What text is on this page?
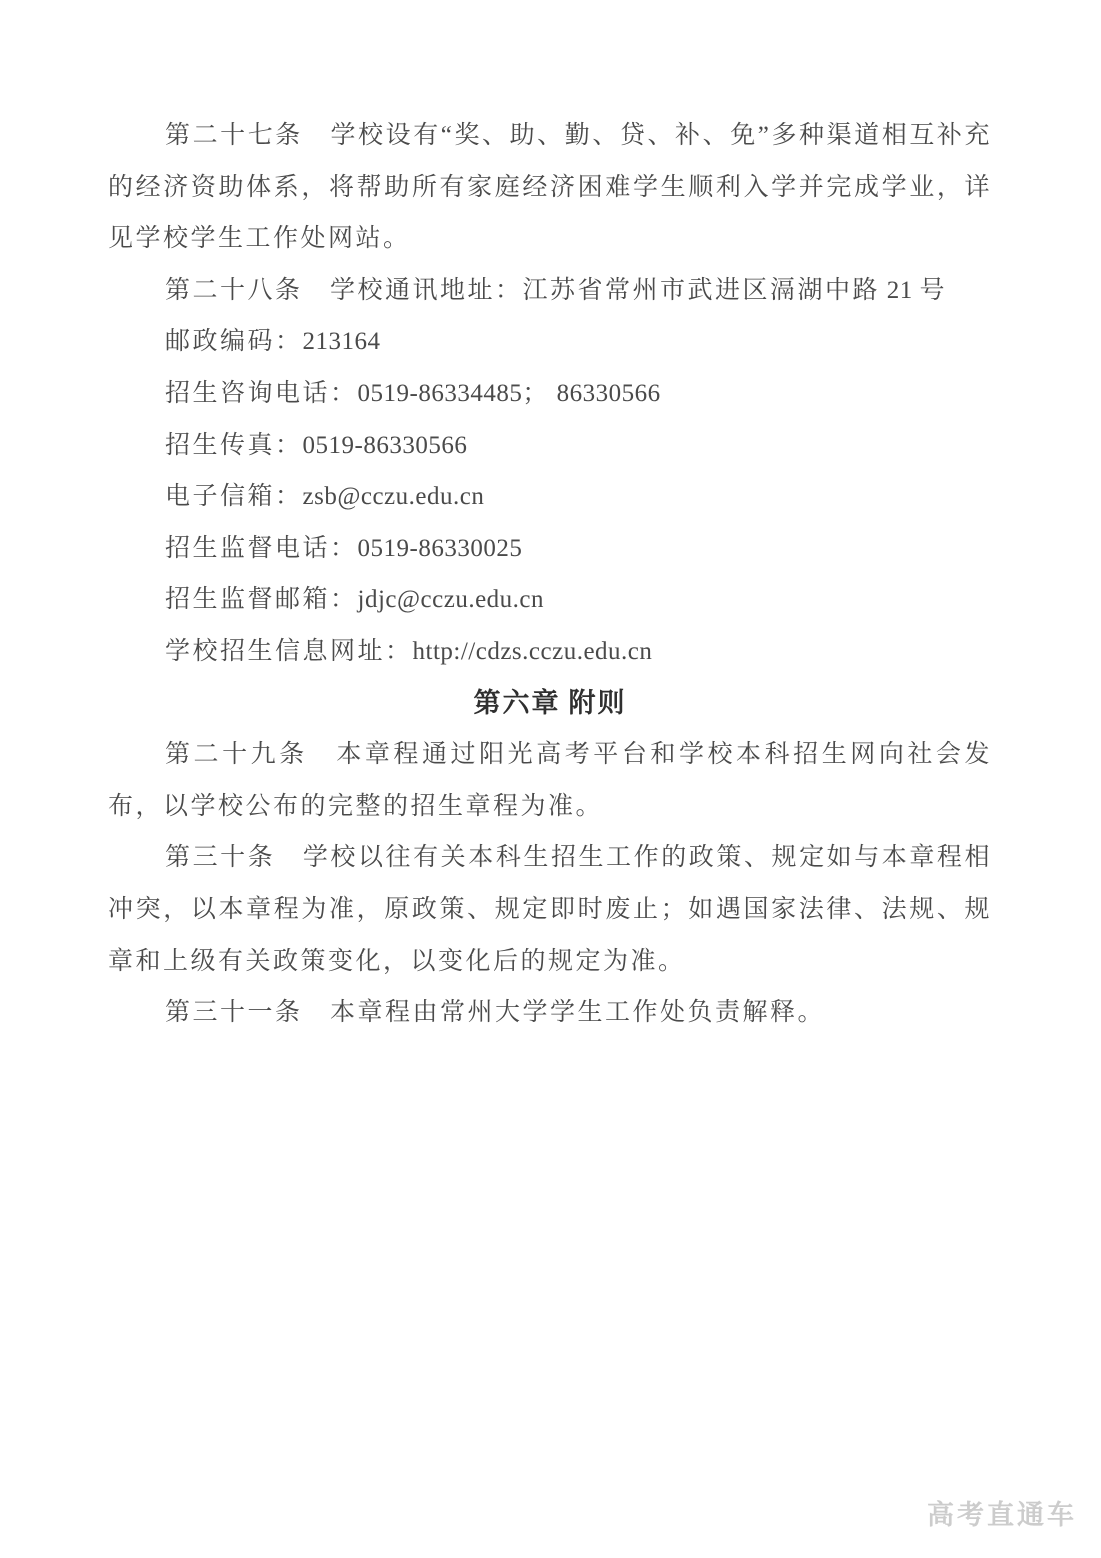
第二十七条　学校设有“奖、助、勤、贷、补、免”多种渠道相互补充的经济资助体系，将帮助所有家庭经济困难学生顺利入学并完成学业，详见学校学生工作处网站。
第二十八条　学校通讯地址：江苏省常州市武进区滆湖中路 21 号
邮政编码：213164
招生咨询电话：0519-86334485； 86330566
招生传真：0519-86330566
电子信箱：zsb@cczu.edu.cn
招生监督电话：0519-86330025
招生监督邮箱：jdjc@cczu.edu.cn
学校招生信息网址：http://cdzs.cczu.edu.cn
第六章 附则
第二十九条　本章程通过阳光高考平台和学校本科招生网向社会发布，以学校公布的完整的招生章程为准。
第三十条　学校以往有关本科生招生工作的政策、规定如与本章程相冲突，以本章程为准，原政策、规定即时废止；如遇国家法律、法规、规章和上级有关政策变化，以变化后的规定为准。
第三十一条　本章程由常州大学学生工作处负责解释。
高考直通车
